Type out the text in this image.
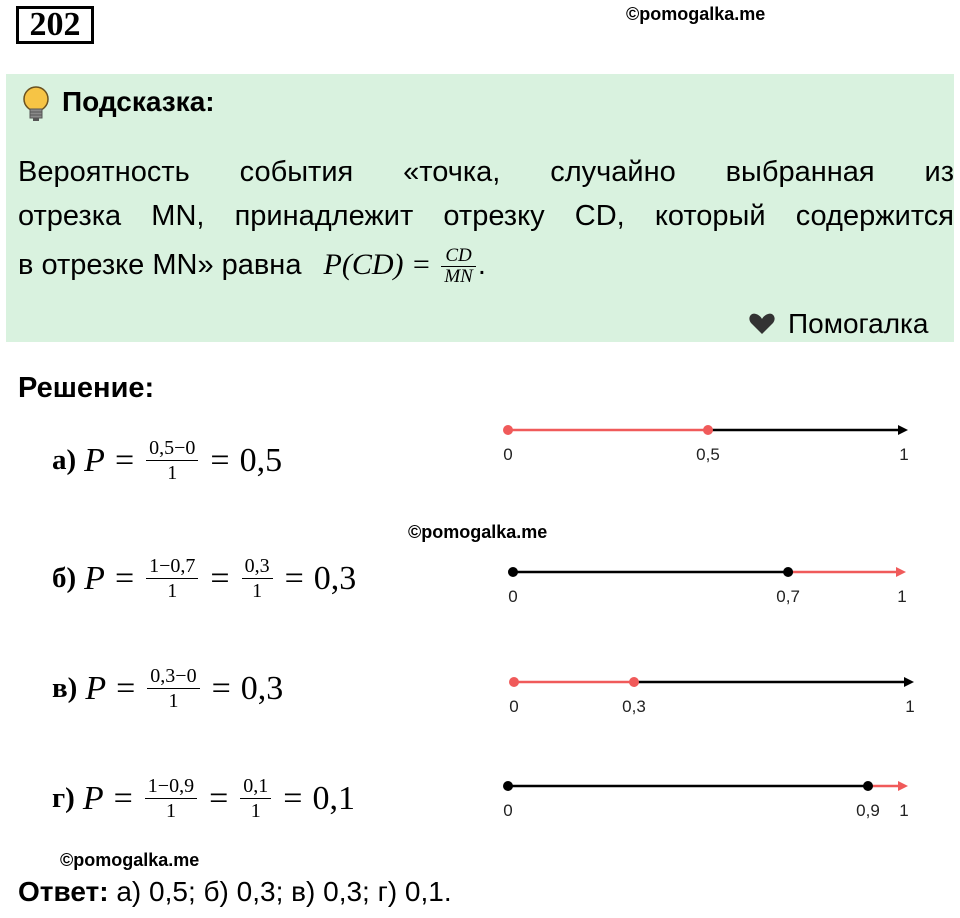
202	©pomogalka.me
Подсказка:
Вероятность события «точка, случайно выбранная из
отрезка MN, принадлежит отрезку CD, который содержится
в отрезке MN» равна $P(CD) = \frac{CD}{MN}$ .
Помогалка
Решение:
а) $P = \frac{0,5-0}{1} = 0,5$
б) $P = \frac{1-0,7}{1} = \frac{0,3}{1} = 0,3$
в) $P = \frac{0,3-0}{1} = 0,3$
г) $P = \frac{1-0,9}{1} = \frac{0,1}{1} = 0,1$
0	0,5	1
0	0,7	1
0	0,3	1
0	0,9 1
©pomogalka.me
©pomogalka.me
Ответ: а) 0,5; б) 0,3; в) 0,3; г) 0,1.
